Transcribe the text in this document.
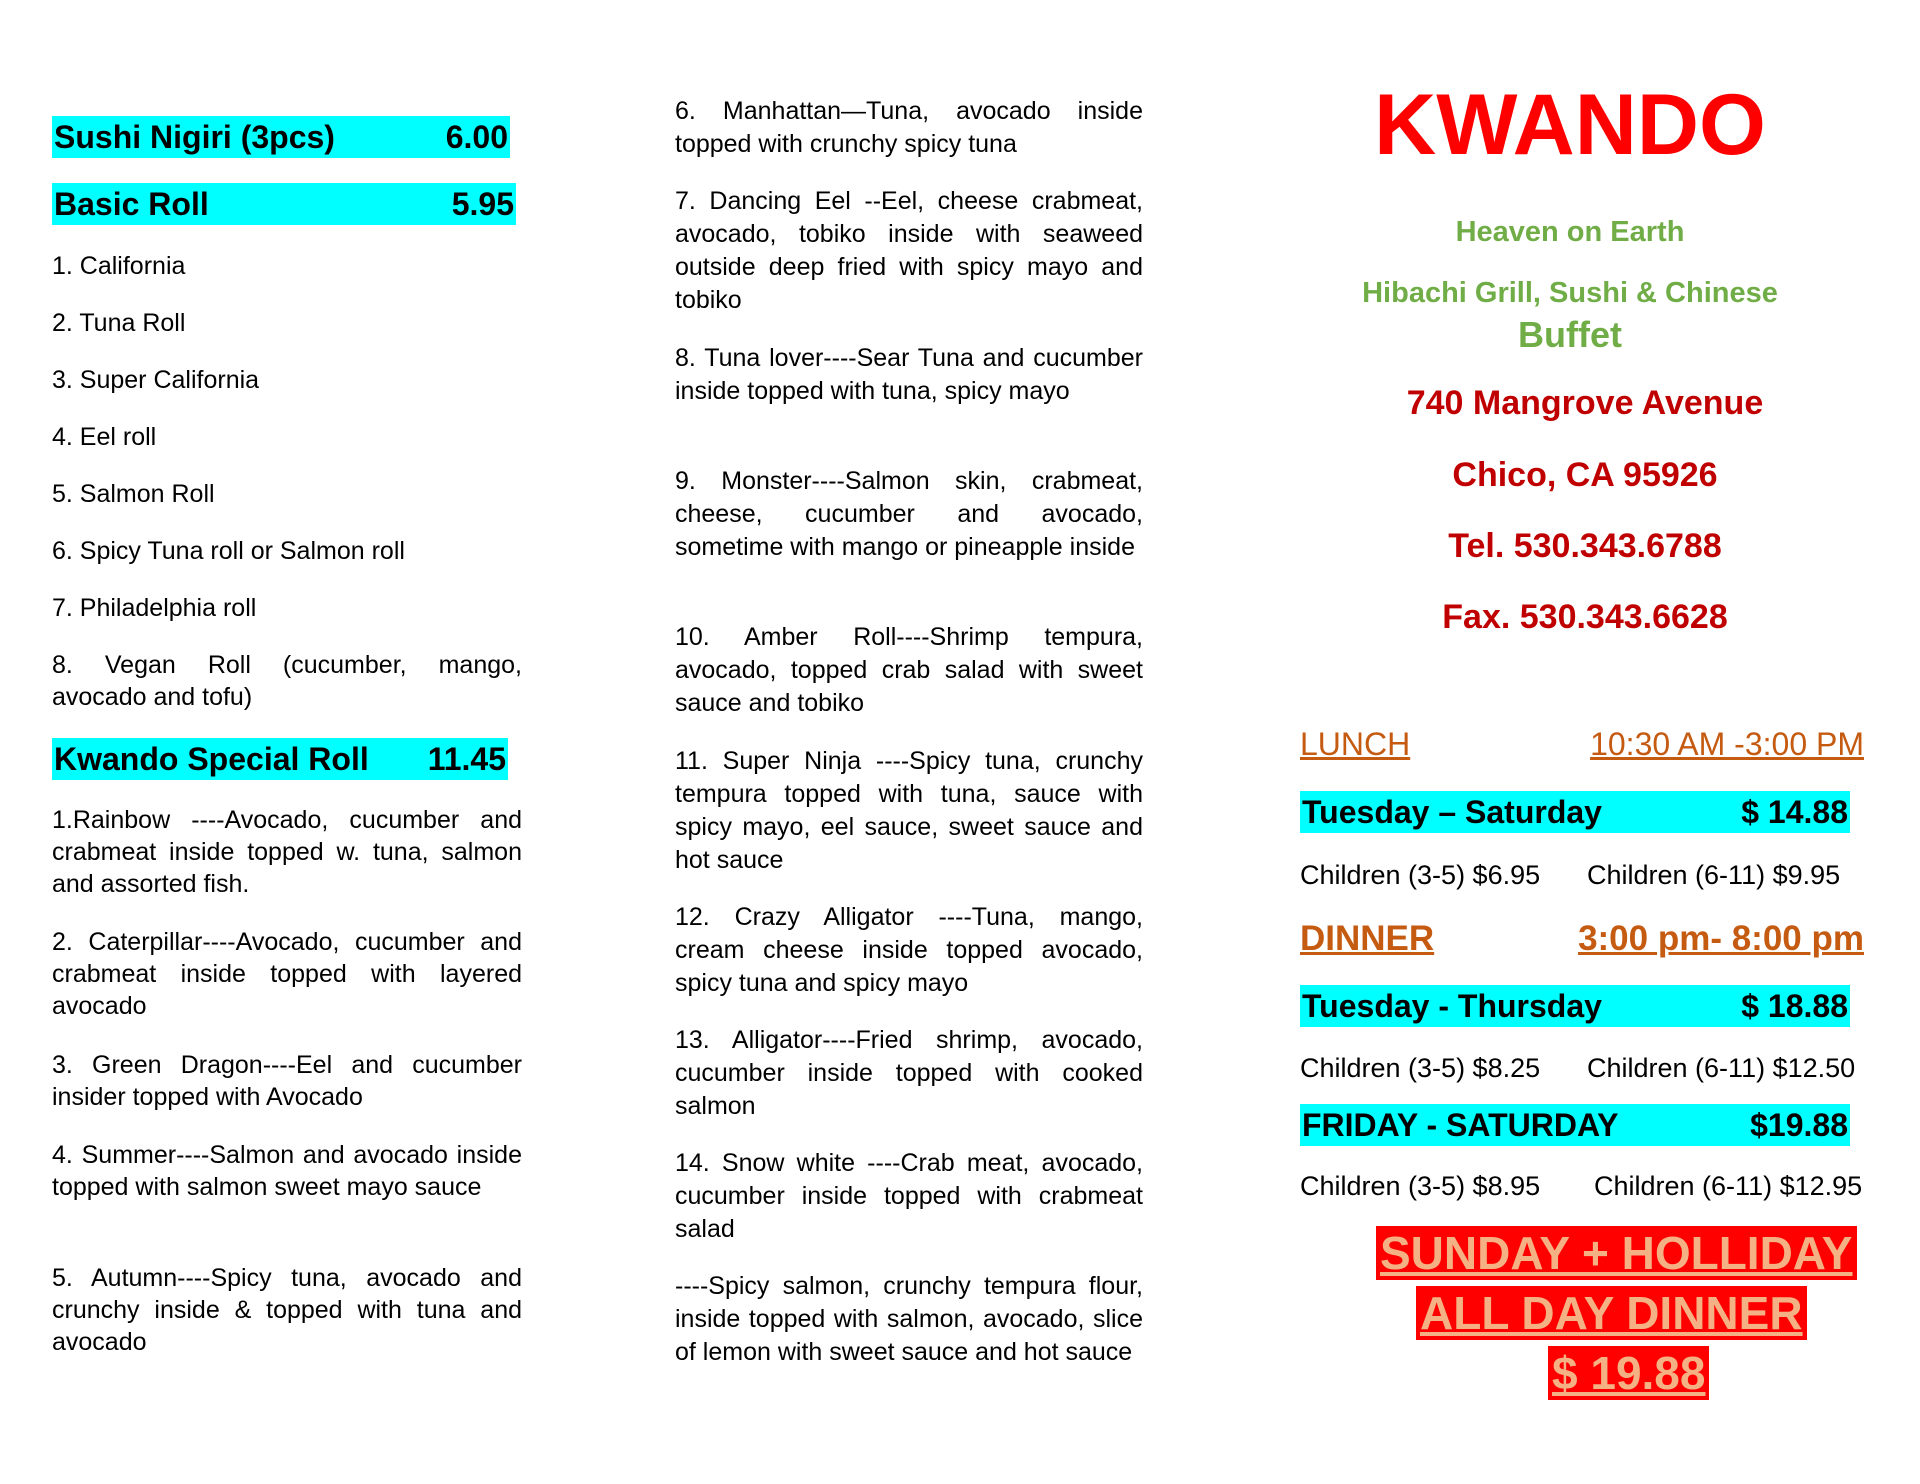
Sushi Nigiri (3pcs)	6.00
Basic Roll	5.95
1. California
2. Tuna Roll
3. Super California
4. Eel roll
5. Salmon Roll
6. Spicy Tuna roll or Salmon roll
7. Philadelphia roll
8. Vegan Roll (cucumber, mango, avocado and tofu)
Kwando Special Roll 11.45
1.Rainbow ----Avocado, cucumber and crabmeat inside topped w. tuna, salmon and assorted fish.
2. Caterpillar----Avocado, cucumber and crabmeat inside topped with layered avocado
3. Green Dragon----Eel and cucumber insider topped with Avocado
4. Summer----Salmon and avocado inside topped with salmon sweet mayo sauce
5. Autumn----Spicy tuna, avocado and crunchy inside & topped with tuna and avocado
6. Manhattan—Tuna, avocado inside topped with crunchy spicy tuna
7. Dancing Eel --Eel, cheese crabmeat, avocado, tobiko inside with seaweed outside deep fried with spicy mayo and tobiko
8. Tuna lover----Sear Tuna and cucumber inside topped with tuna, spicy mayo
9. Monster----Salmon skin, crabmeat, cheese, cucumber and avocado, sometime with mango or pineapple inside
10. Amber Roll----Shrimp tempura, avocado, topped crab salad with sweet sauce and tobiko
11. Super Ninja ----Spicy tuna, crunchy tempura topped with tuna, sauce with spicy mayo, eel sauce, sweet sauce and hot sauce
12. Crazy Alligator ----Tuna, mango, cream cheese inside topped avocado, spicy tuna and spicy mayo
13. Alligator----Fried shrimp, avocado, cucumber inside topped with cooked salmon
14. Snow white ----Crab meat, avocado, cucumber inside topped with crabmeat salad
----Spicy salmon, crunchy tempura flour, inside topped with salmon, avocado, slice of lemon with sweet sauce and hot sauce
KWANDO
Heaven on Earth
Hibachi Grill, Sushi & Chinese
Buffet
740 Mangrove Avenue
Chico, CA 95926
Tel. 530.343.6788
Fax. 530.343.6628
LUNCH	10:30 AM -3:00 PM
Tuesday – Saturday	$ 14.88
Children (3-5) $6.95	Children (6-11) $9.95
DINNER	3:00 pm- 8:00 pm
Tuesday - Thursday	$ 18.88
Children (3-5) $8.25	Children (6-11) $12.50
FRIDAY - SATURDAY	$19.88
Children (3-5) $8.95	Children (6-11) $12.95
SUNDAY + HOLLIDAY
ALL DAY DINNER
$ 19.88
